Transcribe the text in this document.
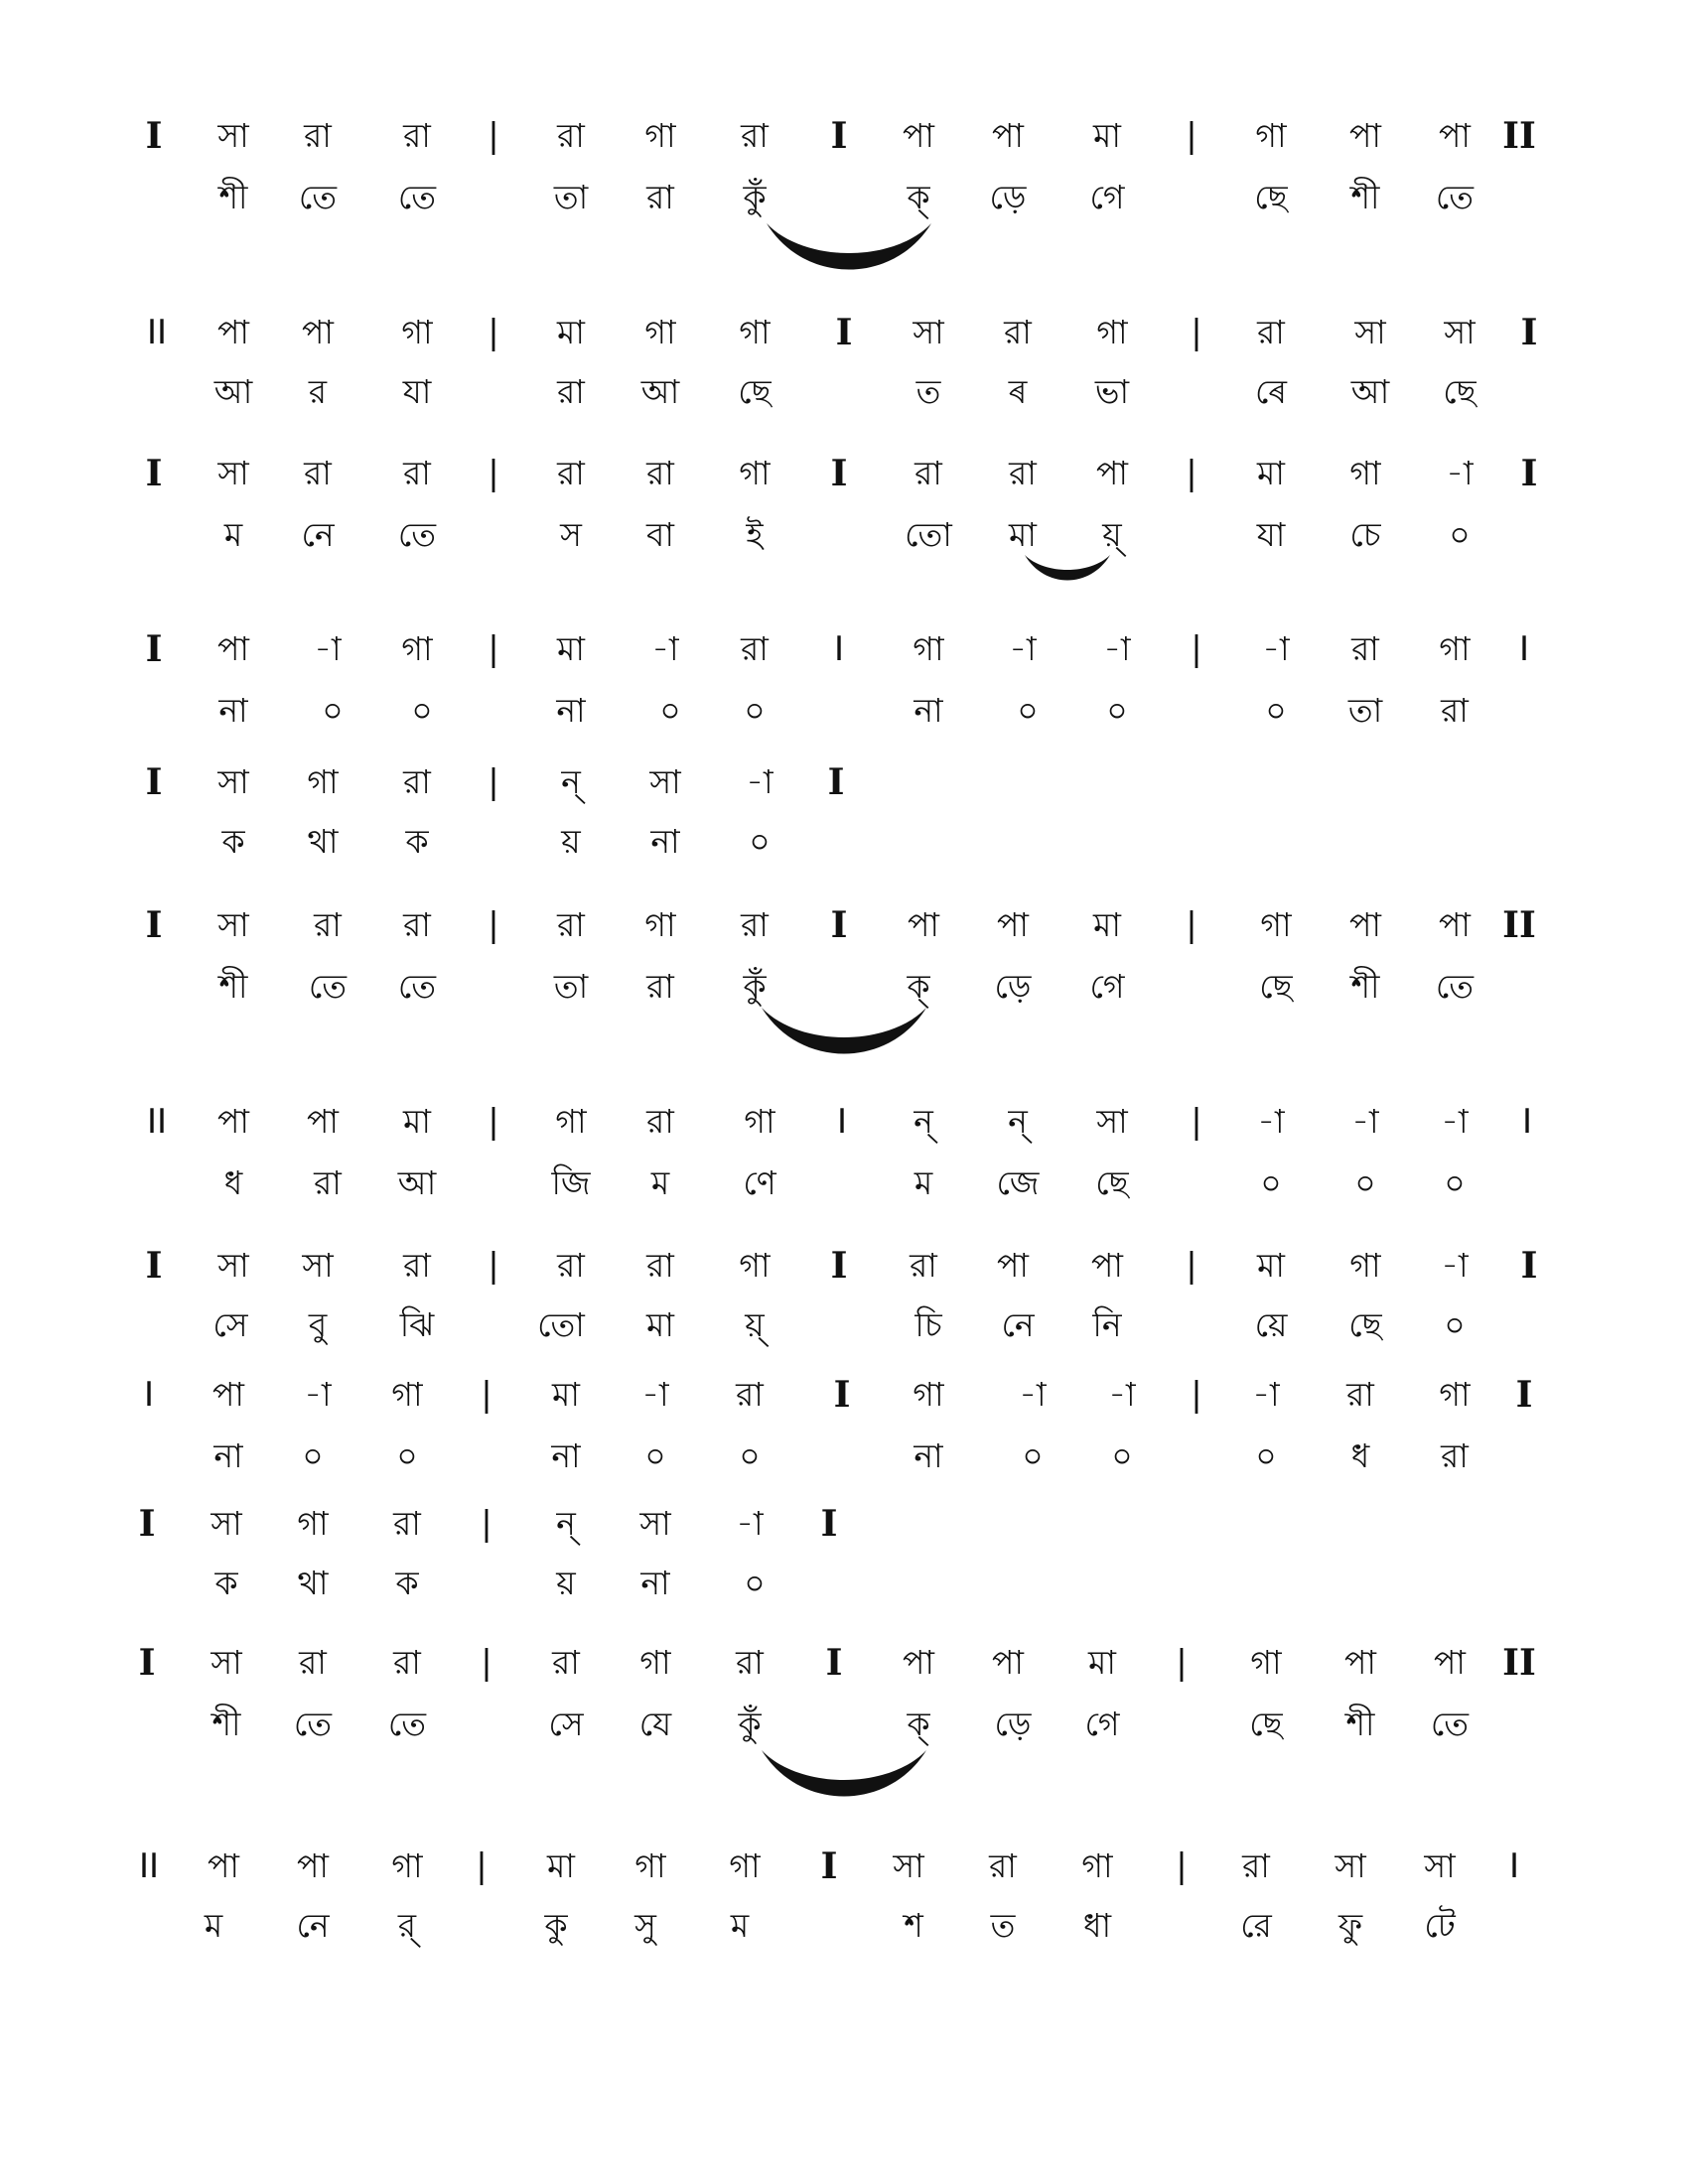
I	সা	রা	রা	|	রা	গা	রা	I	পা	পা	মা	|	গা	পা	পা II
শী	তে	তে	তা	রা	কুঁ	ক্	ড়ে	গে	ছে	শী	তে
II	পা	পা	গা	|	মা	গা	গা	I	সা	রা	গা	|	রা	সা	সা	I
আ	র	যা	রা	আ	ছে	ত	ৰ	ভা	ৰে	আ	ছে
I	সা	রা	রা	|	রা	রা	গা	I	রা	রা	পা	|	মা	গা	-া	I
ম	নে	তে	স	বা	ই	তো	মা	য়্	যা	চে	০
I	পা	-া	গা	|	মা	-া	রা	I	গা	-া	-া	|	-া	রা	গা	I
না	০	০	না	০	০	না	০	০	০	তা	রা
I	সা	গা	রা	|	ন্	সা	-া	I
ক	থা	ক	য়	না	০
I	সা	রা	রা	|	রা	গা	রা	I	পা	পা	মা	|	গা	পা	পা II
শী	তে	তে	তা	রা	কুঁ	ক্	ড়ে	গে	ছে	শী	তে
II	পা	পা	মা	|	গা	রা	গা	I	ন্	ন্	সা	|	-া	-া	-া	I
ধ	রা	আ	জি	ম	ণে	ম	জে	ছে	০	০	০
I	সা	সা	রা	|	রা	রা	গা	I	রা	পা	পা	|	মা	গা	-া	I
সে	বু	ঝি	তো	মা	য়্	চি	নে	নি	য়ে	ছে	০
I	পা	-া	গা	|	মা	-া	রা	I	গা	-া	-া	|	-া	রা	গা	I
না	০	০	না	০	০	না	০	০	০	ধ	রা
I	সা	গা	রা	|	ন্	সা	-া	I
ক	থা	ক	য়	না	০
I	সা	রা	রা	|	রা	গা	রা	I	পা	পা	মা	|	গা	পা	পা	II
শী	তে	তে	সে	যে	কুঁ	ক্	ড়ে	গে	ছে	শী	তে
II	পা	পা	গা	|	মা	গা	গা	I	সা	রা	গা	|	রা	সা	সা	I
ম	নে	র্	কু	সু	ম	শ	ত	ধা	রে	ফু	টে
